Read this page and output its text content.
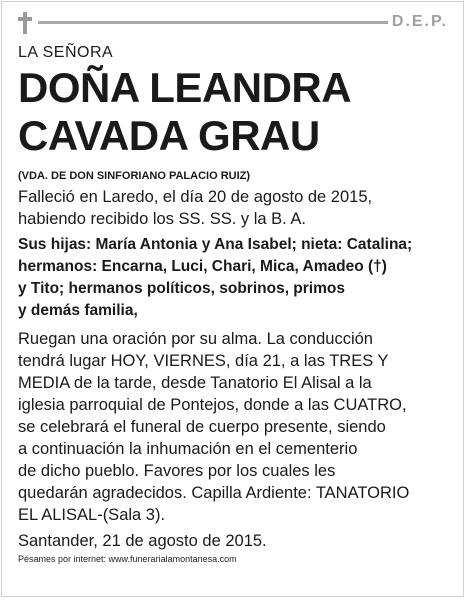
D.E.P.

LA SEÑORA

DOÑA LEANDRA
CAVADA GRAU

(VDA. DE DON SINFORIANO PALACIO RUIZ)

Falleció en Laredo, el día 20 de agosto de 2015,
habiendo recibido los SS. SS. y la B. A.

Sus hijas: María Antonia y Ana Isabel; nieta: Catalina;
hermanos: Encarna, Luci, Chari, Mica, Amadeo (†)
y Tito; hermanos políticos, sobrinos, primos
y demás familia,

Ruegan una oración por su alma. La conducción
tendrá lugar HOY, VIERNES, día 21, a las TRES Y
MEDIA de la tarde, desde Tanatorio El Alisal a la
iglesia parroquial de Pontejos, donde a las CUATRO,
se celebrará el funeral de cuerpo presente, siendo
a continuación la inhumación en el cementerio
de dicho pueblo. Favores por los cuales les
quedarán agradecidos. Capilla Ardiente: TANATORIO
EL ALISAL-(Sala 3).

Santander, 21 de agosto de 2015.

Pésames por internet: www.funerarialamontanesa.com
